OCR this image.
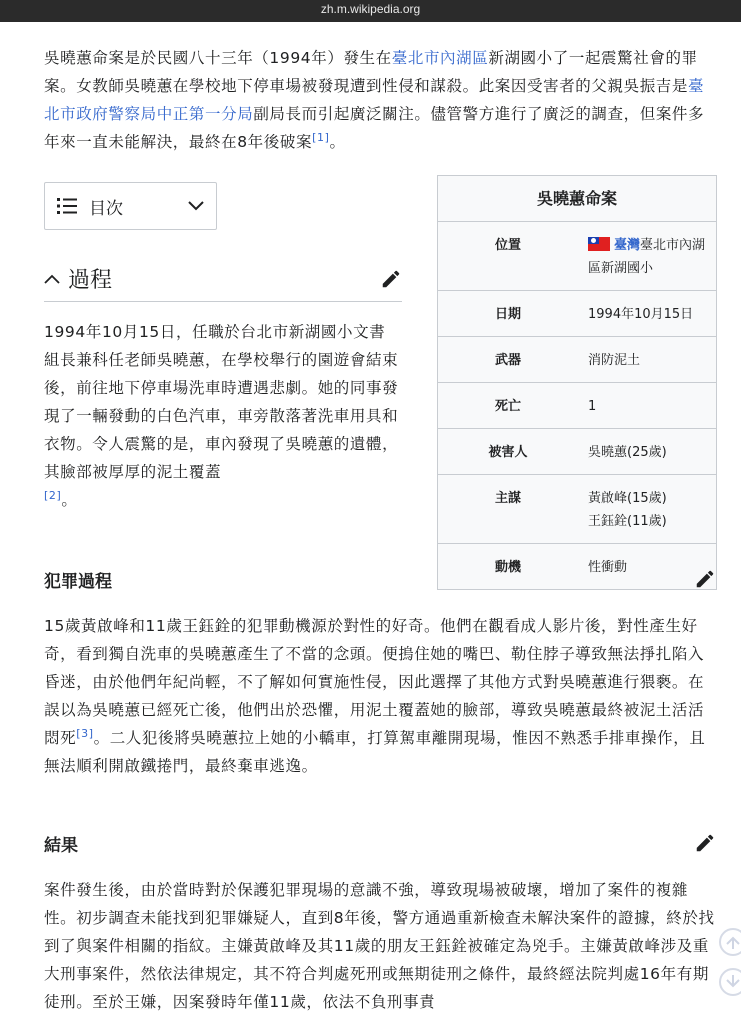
zh.m.wikipedia.org

吳曉蕙命案是於民國八十三年（1994年）發生在臺北市內湖區新湖國小了一起震驚社會的罪案。女教師吳曉蕙在學校地下停車場被發現遭到性侵和謀殺。此案因受害者的父親吳振吉是臺北市政府警察局中正第一分局副局長而引起廣泛關注。儘管警方進行了廣泛的調查，但案件多年來一直未能解決，最終在8年後破案[1]。

目次
過程

1994年10月15日，任職於台北市新湖國小文書組長兼科任老師吳曉蕙，在學校舉行的園遊會結束後，前往地下停車場洗車時遭遇悲劇。她的同事發現了一輛發動的白色汽車，車旁散落著洗車用具和衣物。令人震驚的是，車內發現了吳曉蕙的遺體，其臉部被厚厚的泥土覆蓋
[2]。

吳曉蕙命案
位置	臺灣臺北市內湖區新湖國小
日期	1994年10月15日
武器	消防泥土
死亡	1
被害人	吳曉蕙(25歲)
主謀	黃啟峰(15歲)
王鈺銓(11歲)
動機	性衝動
犯罪過程

15歲黃啟峰和11歲王鈺銓的犯罪動機源於對性的好奇。他們在觀看成人影片後，對性產生好奇，看到獨自洗車的吳曉蕙產生了不當的念頭。便摀住她的嘴巴、勒住脖子導致無法掙扎陷入昏迷，由於他們年紀尚輕，不了解如何實施性侵，因此選擇了其他方式對吳曉蕙進行猥褻。在誤以為吳曉蕙已經死亡後，他們出於恐懼，用泥土覆蓋她的臉部，導致吳曉蕙最終被泥土活活悶死[3]。二人犯後將吳曉蕙拉上她的小轎車，打算駕車離開現場，惟因不熟悉手排車操作，且無法順利開啟鐵捲門，最終棄車逃逸。

結果

案件發生後，由於當時對於保護犯罪現場的意識不強，導致現場被破壞，增加了案件的複雜性。初步調查未能找到犯罪嫌疑人，直到8年後，警方通過重新檢查未解決案件的證據，終於找到了與案件相關的指紋。主嫌黃啟峰及其11歲的朋友王鈺銓被確定為兇手。主嫌黃啟峰涉及重大刑事案件，然依法律規定，其不符合判處死刑或無期徒刑之條件，最終經法院判處16年有期徒刑。至於王嫌，因案發時年僅11歲，依法不負刑事責
